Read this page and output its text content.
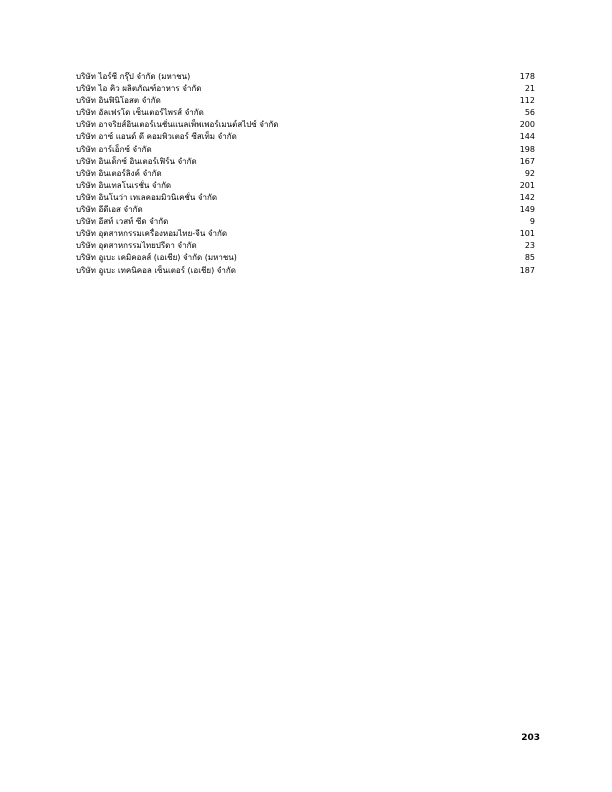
บริษัท ไอร์ซี กรุ๊ป จำกัด (มหาชน)	178
บริษัท ไอ คิว ผลิตภัณฑ์อาหาร จำกัด	21
บริษัท อินฟินิโอสต จำกัด	112
บริษัท อัลเฟรโด เซ็นเตอร์ไพรส์ จำกัด	56
บริษัท อาจริยส์อินเตอร์เนชั่นแนลเพ็พเพอร์เมนต์สไปซ์ จำกัด	200
บริษัท อาซ์ แอนด์ ดี คอมพิวเตอร์ ซีสเท็ม จำกัด	144
บริษัท อาร์เอ็กซ์ จำกัด	198
บริษัท อินเด็กซ์ อินเตอร์เฟิร์น จำกัด	167
บริษัท อินเตอร์ลิงค์ จำกัด	92
บริษัท อินเทลโนเรชั่น จำกัด	201
บริษัท อินโนว่า เทเลคอมมิวนิเคชั่น จำกัด	142
บริษัท อีดีเอส จำกัด	149
บริษัท อีสท์ เวสท์ ซีด จำกัด	9
บริษัท อุตสาหกรรมเครื่องหอมไทย-จีน จำกัด	101
บริษัท อุตสาหกรรมไทยปรีดา จำกัด	23
บริษัท อูเบะ เคมิคอลส์ (เอเชีย) จำกัด (มหาชน)	85
บริษัท อูเบะ เทคนิคอล เซ็นเตอร์ (เอเชีย) จำกัด	187
203
